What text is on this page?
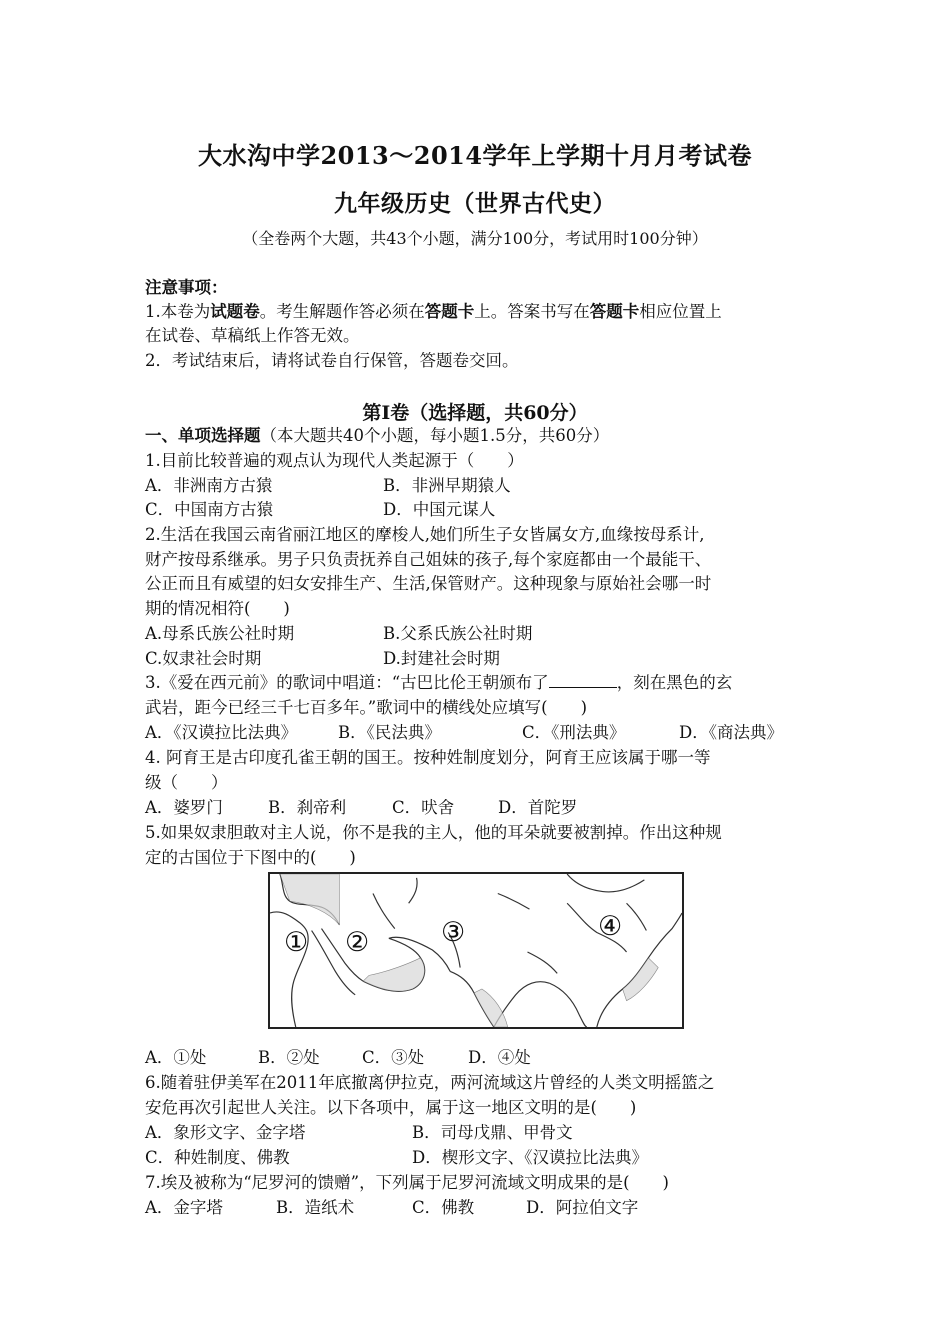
大水沟中学2013～2014学年上学期十月月考试卷
九年级历史（世界古代史）
（全卷两个大题，共43个小题，满分100分，考试用时100分钟）
注意事项：
1.本卷为试题卷。考生解题作答必须在答题卡上。答案书写在答题卡相应位置上
在试卷、草稿纸上作答无效。
2．考试结束后，请将试卷自行保管，答题卷交回。
第Ⅰ卷（选择题，共60分）
一、单项选择题（本大题共40个小题，每小题1.5分，共60分）
1.目前比较普遍的观点认为现代人类起源于（　　）
A．非洲南方古猿	B．非洲早期猿人
C．中国南方古猿	D．中国元谋人
2.生活在我国云南省丽江地区的摩梭人,她们所生子女皆属女方,血缘按母系计,
财产按母系继承。男子只负责抚养自己姐妹的孩子,每个家庭都由一个最能干、
公正而且有威望的妇女安排生产、生活,保管财产。这种现象与原始社会哪一时
期的情况相符(　　)
A.母系氏族公社时期	B.父系氏族公社时期
C.奴隶社会时期	D.封建社会时期
3.《爱在西元前》的歌词中唱道：“古巴比伦王朝颁布了	，刻在黑色的玄
武岩，距今已经三千七百多年。”歌词中的横线处应填写(　　)
A．《汉谟拉比法典》 B．《民法典》	C．《刑法典》	D．《商法典》
4. 阿育王是古印度孔雀王朝的国王。按种姓制度划分，阿育王应该属于哪一等
级（　　）
A．婆罗门	B．刹帝利	C．吠舍	D．首陀罗
5.如果奴隶胆敢对主人说，你不是我的主人，他的耳朵就要被割掉。作出这种规
定的古国位于下图中的(　　)
① ②	③	④
A．①处	B．②处	C．③处	D．④处
6.随着驻伊美军在2011年底撤离伊拉克，两河流域这片曾经的人类文明摇篮之
安危再次引起世人关注。以下各项中，属于这一地区文明的是(　　)
A．象形文字、金字塔	B．司母戊鼎、甲骨文
C．种姓制度、佛教	D．楔形文字、《汉谟拉比法典》
7.埃及被称为“尼罗河的馈赠”，下列属于尼罗河流域文明成果的是(　　)
A．金字塔	B．造纸术	C．佛教	D．阿拉伯文字
